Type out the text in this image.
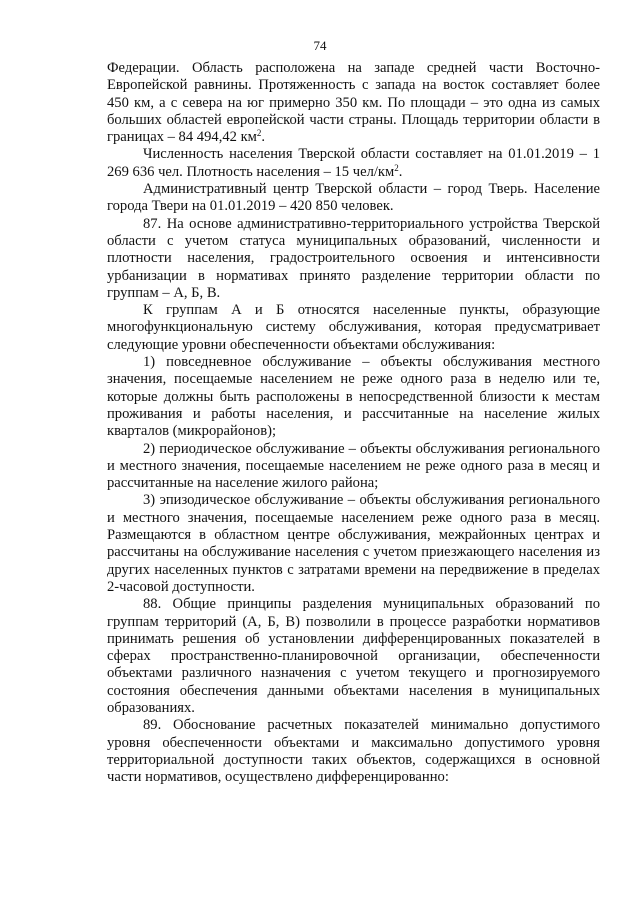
74

Федерации. Область расположена на западе средней части Восточно-Европейской равнины. Протяженность с запада на восток составляет более 450 км, а с севера на юг примерно 350 км. По площади – это одна из самых больших областей европейской части страны. Площадь территории области в границах – 84 494,42 $км^2$.

Численность населения Тверской области составляет на 01.01.2019 – 1 269 636 чел. Плотность населения – 15 чел/$км^2$.

Административный центр Тверской области – город Тверь. Население города Твери на 01.01.2019 – 420 850 человек.

87. На основе административно-территориального устройства Тверской области с учетом статуса муниципальных образований, численности и плотности населения, градостроительного освоения и интенсивности урбанизации в нормативах принято разделение территории области по группам – А, Б, В.

К группам А и Б относятся населенные пункты, образующие многофункциональную систему обслуживания, которая предусматривает следующие уровни обеспеченности объектами обслуживания:

1) повседневное обслуживание – объекты обслуживания местного значения, посещаемые населением не реже одного раза в неделю или те, которые должны быть расположены в непосредственной близости к местам проживания и работы населения, и рассчитанные на население жилых кварталов (микрорайонов);

2) периодическое обслуживание – объекты обслуживания регионального и местного значения, посещаемые населением не реже одного раза в месяц и рассчитанные на население жилого района;

3) эпизодическое обслуживание – объекты обслуживания регионального и местного значения, посещаемые населением реже одного раза в месяц. Размещаются в областном центре обслуживания, межрайонных центрах и рассчитаны на обслуживание населения с учетом приезжающего населения из других населенных пунктов с затратами времени на передвижение в пределах 2-часовой доступности.

88. Общие принципы разделения муниципальных образований по группам территорий (А, Б, В) позволили в процессе разработки нормативов принимать решения об установлении дифференцированных показателей в сферах пространственно-планировочной организации, обеспеченности объектами различного назначения с учетом текущего и прогнозируемого состояния обеспечения данными объектами населения в муниципальных образованиях.

89. Обоснование расчетных показателей минимально допустимого уровня обеспеченности объектами и максимально допустимого уровня территориальной доступности таких объектов, содержащихся в основной части нормативов, осуществлено дифференцированно:
